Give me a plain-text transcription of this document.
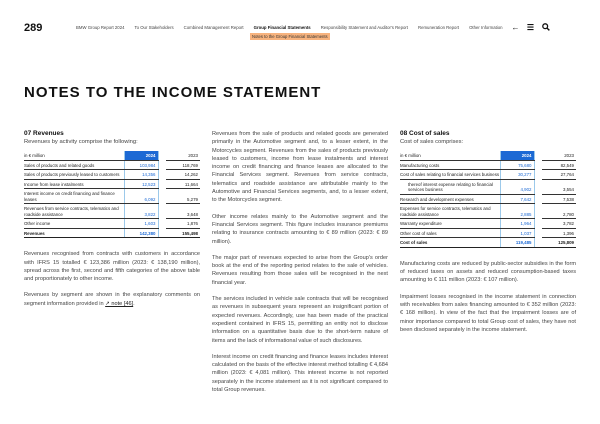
289	BMW Group Report 2024 To Our Stakeholders Combined Management Report Group Financial Statements Responsibility Statement and Auditor's Report Remuneration Report Other Information
Notes to the Group Financial Statements
← ☰
NOTES TO THE INCOME STATEMENT
07 Revenues
Revenues by activity comprise the following:
in € million	2024		2023
Sales of products and related goods	103,984		118,769
Sales of products previously leased to customers	14,356		14,262
Income from lease instalments	12,523		11,664
Interest income on credit financing and finance leases	6,092		5,279
Revenues from service contracts, telematics and roadside assistance	3,822		3,648
Other income	1,603		1,876
Revenues	142,380		155,498

Revenues recognised from contracts with customers in accordance with IFRS 15 totalled € 123,386 million (2023: € 138,190 million), spread across the first, second and fifth categories of the above table and proportionately to other income.

Revenues by segment are shown in the explanatory comments on segment information provided in ↗ note [46].

Revenues from the sale of products and related goods are generated primarily in the Automotive segment and, to a lesser extent, in the Motorcycles segment. Revenues from the sales of products previously leased to customers, income from lease instalments and interest income on credit financing and finance leases are allocated to the Financial Services segment. Revenues from service contracts, telematics and roadside assistance are attributable mainly to the Automotive and Financial Services segments, and, to a lesser extent, to the Motorcycles segment.

Other income relates mainly to the Automotive segment and the Financial Services segment. This figure includes insurance premiums relating to insurance contracts amounting to € 89 million (2023: € 89 million).

The major part of revenues expected to arise from the Group's order book at the end of the reporting period relates to the sale of vehicles. Revenues resulting from those sales will be recognised in the next financial year.

The services included in vehicle sale contracts that will be recognised as revenues in subsequent years represent an insignificant portion of expected revenues. Accordingly, use has been made of the practical expedient contained in IFRS 15, permitting an entity not to disclose information on a quantitative basis due to the short-term nature of items and the lack of informational value of such disclosures.

Interest income on credit financing and finance leases includes interest calculated on the basis of the effective interest method totalling € 4,684 million (2023: € 4,081 million). This interest income is not reported separately in the income statement as it is not significant compared to total Group revenues.

08 Cost of sales
Cost of sales comprises:
in € million	2024		2023
Manufacturing costs	75,680		82,549
Cost of sales relating to financial services business	30,277		27,764
thereof interest expense relating to financial services business	4,902		3,554
Research and development expenses	7,642		7,538
Expenses for service contracts, telematics and roadside assistance	2,885		2,780
Warranty expenditure	1,964		3,782
Other cost of sales	1,037		1,396
Cost of sales	119,485		125,809

Manufacturing costs are reduced by public-sector subsidies in the form of reduced taxes on assets and reduced consumption-based taxes amounting to € 111 million (2023: € 107 million).

Impairment losses recognised in the income statement in connection with receivables from sales financing amounted to € 352 million (2023: € 168 million). In view of the fact that the impairment losses are of minor importance compared to total Group cost of sales, they have not been disclosed separately in the income statement.
